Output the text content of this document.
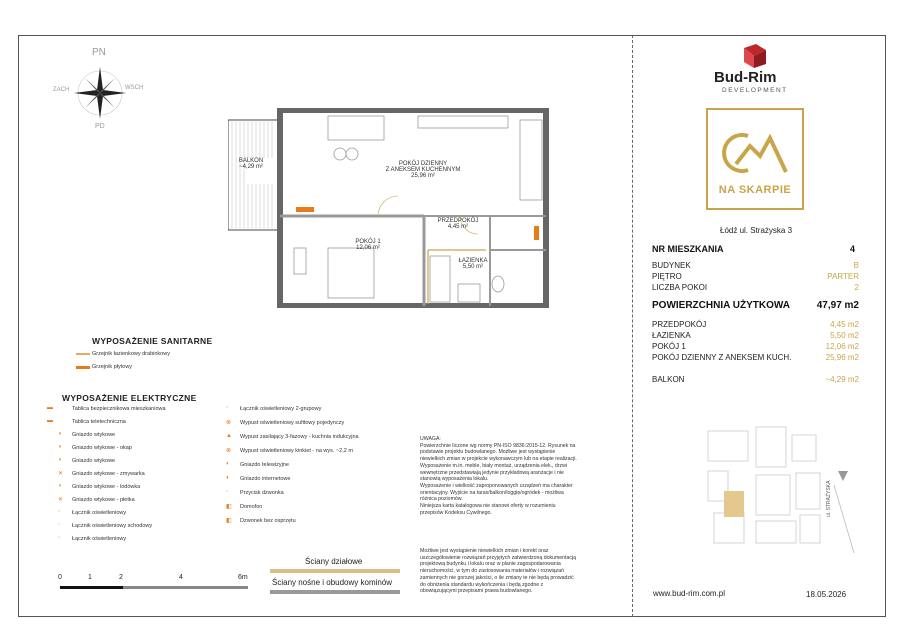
PN
PD
ZACH	WSCH
BALKON
~4,29 m²	POKÓJ DZIENNY
Z ANEKSEM KUCHENNYM
25,96 m²
PRZEDPOKÓJ
4,45 m²
POKÓJ 1
12,06 m²
ŁAZIENKA
5,50 m²
WYPOSAŻENIE SANITARNE
Grzejnik łazienkowy drabinkowy
Grzejnik płytowy
WYPOSAŻENIE ELEKTRYCZNE
▬	Tablica bezpiecznikowa mieszkaniowa
▬	Tablica teletechniczna
◖ Gniazdo wtykowe
◖ Gniazdo wtykowe - okap
◖ Gniazdo wtykowe
✕ Gniazdo wtykowe - zmywarka
◖ Gniazdo wtykowe - lodówka
✕ Gniazdo wtykowe - płetka
◦ Łącznik oświetleniowy
◦ Łącznik oświetleniowy schodowy
◦ Łącznik oświetleniowy
◦ Łącznik oświetleniowy 2-grupowy
⊗ Wypust oświetleniowy sufitowy pojedynczy
▲ Wypust zasilający 3-fazowy - kuchnia indukcyjna
⊗ Wypust oświetleniowy kinkiet - na wys. ~2,2 m
◐ Gniazdo telewizyjne
◐ Gniazdo internetowe
◦ Przycisk dzwonka
◧ Domofon
◧ Dzwonek bez osprzętu
UWAGA:
Powierzchnie liczone wg normy PN-ISO 9836:2015-12. Rysunek na
podstawie projektu budowlanego. Możliwe jest wystąpienie
niewielkich zmian w projekcie wykonawczym lub na etapie realizacji.
Wyposażenie m.in. meble, biały montaż, urządzenia elek., drzwi
wewnętrzne przedstawiają jedynie przykładową aranżacje i nie
stanowią wyposażenia lokalu.
Wyposażenie i wielkość zaproponowanych urządzeń ma charakter
orientacyjny. Wyjście na taras/balkon/loggię/ogródek - możliwa
różnica poziomów.
Niniejsza karta katalogowa nie stanowi oferty w rozumieniu
przepisów Kodeksu Cywilnego.
Możliwe jest wystąpienie niewielkich zmian i korekt oraz
uszczegółowienie rozwiązań przyjętych zatwierdzoną dokumentacją
projektową budynku i lokalu oraz w planie zagospodarowania
nieruchomości, w tym do zastosowania materiałów i rozwiązań
zamiennych nie gorszej jakości, o ile zmiany te nie będą prowadzić
do obniżenia standardu wykończenia i będą zgodne z
obowiązującymi przepisami prawa budowlanego.
Ściany działowe
Ściany nośne i obudowy kominów
0	1	2	4	6m
Bud-Rim
DEVELOPMENT
NA SKARPIE
Łódź ul. Strażyska 3
NR MIESZKANIA	4
BUDYNEK	B
PIĘTRO	PARTER
LICZBA POKOI	2
POWIERZCHNIA UŻYTKOWA	47,97 m2
PRZEDPOKÓJ	4,45 m2
ŁAZIENKA	5,50 m2
POKÓJ 1	12,06 m2
POKÓJ DZIENNY Z ANEKSEM KUCH.	25,96 m2
BALKON	~4,29 m2
ul. STRAŻYSKA
www.bud-rim.com.pl	18.05.2026
